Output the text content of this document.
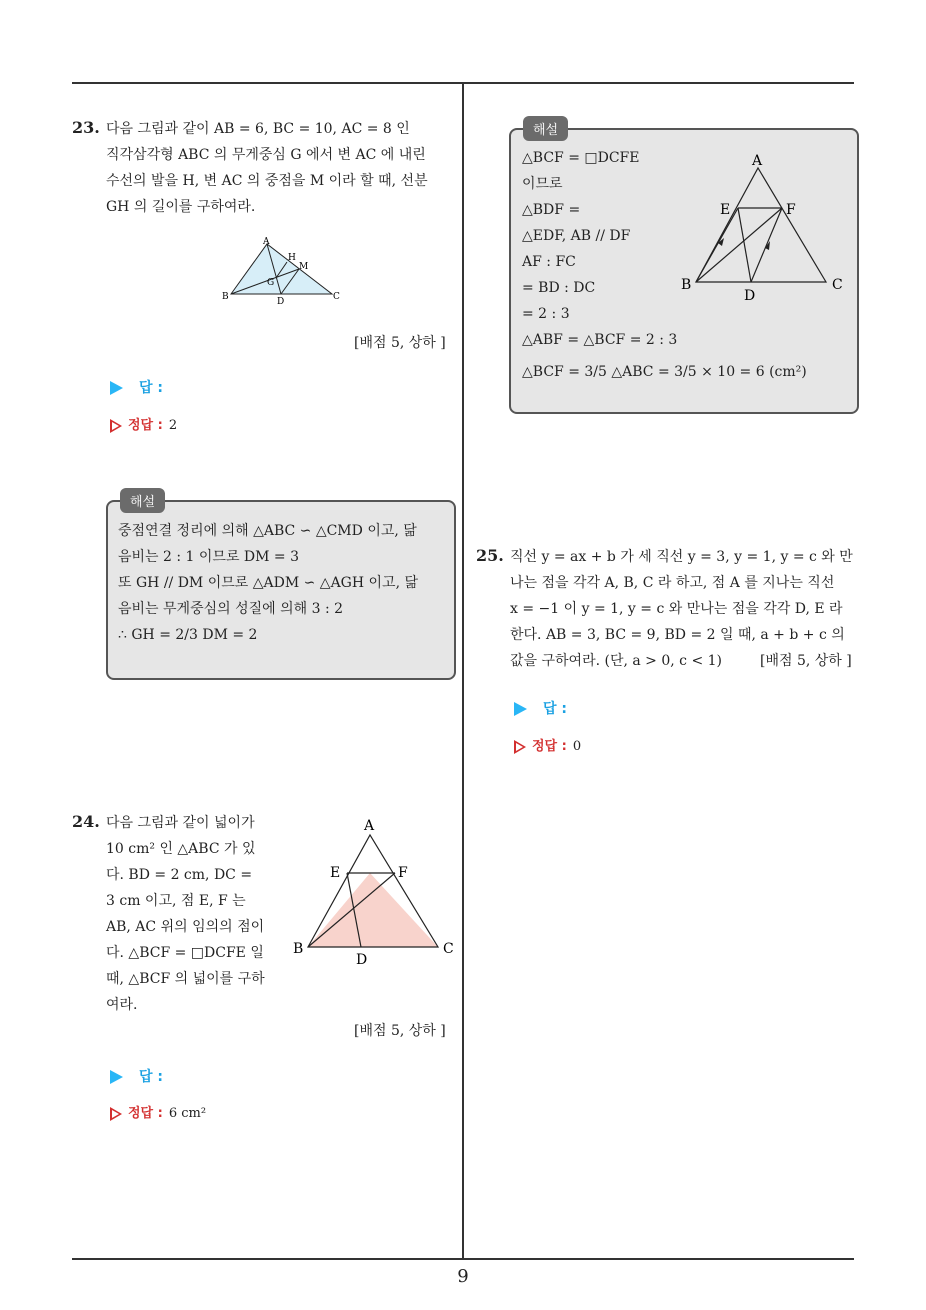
23. 다음 그림과 같이 AB = 6, BC = 10, AC = 8 인
직각삼각형 ABC 의 무게중심 G 에서 변 AC 에 내린
수선의 발을 H, 변 AC 의 중점을 M 이라 할 때, 선분
GH 의 길이를 구하여라.
A
H
M
G
B	D	C
[배점 5, 상하 ]
답 :
정답 : 2
해설
중점연결 정리에 의해 △ABC ∽ △CMD 이고, 닮
음비는 2 : 1 이므로 DM = 3
또 GH // DM 이므로 △ADM ∽ △AGH 이고, 닮
음비는 무게중심의 성질에 의해 3 : 2
∴ GH = 2/3 DM = 2
24. 다음 그림과 같이 넓이가
10 cm² 인 △ABC 가 있
다. BD = 2 cm, DC =
3 cm 이고, 점 E, F 는
AB, AC 위의 임의의 점이
다. △BCF = □DCFE 일
때, △BCF 의 넓이를 구하
여라.
A
E	F
B
D
C
[배점 5, 상하 ]
답 :
정답 : 6 cm²
해설
△BCF = □DCFE
이므로
△BDF =
△EDF, AB // DF
AF : FC
= BD : DC
= 2 : 3
△ABF = △BCF = 2 : 3
△BCF = 3/5 △ABC = 3/5 × 10 = 6 (cm²)
A
E	F
B
D
C
25. 직선 y = ax + b 가 세 직선 y = 3, y = 1, y = c 와 만
나는 점을 각각 A, B, C 라 하고, 점 A 를 지나는 직선
x = −1 이 y = 1, y = c 와 만나는 점을 각각 D, E 라
한다. AB = 3, BC = 9, BD = 2 일 때, a + b + c 의
값을 구하여라. (단, a > 0, c < 1)	[배점 5, 상하 ]
답 :
정답 : 0
9
